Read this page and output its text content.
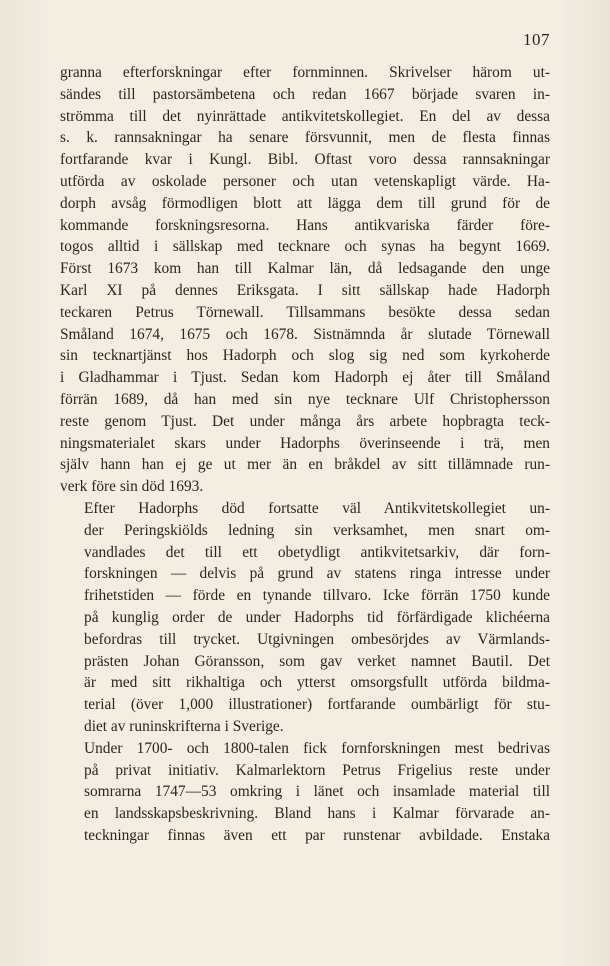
107

granna efterforskningar efter fornminnen. Skrivelser härom ut-
sändes till pastorsämbetena och redan 1667 började svaren in-
strömma till det nyinrättade antikvitetskollegiet. En del av dessa
s. k. rannsakningar ha senare försvunnit, men de flesta finnas
fortfarande kvar i Kungl. Bibl. Oftast voro dessa rannsakningar
utförda av oskolade personer och utan vetenskapligt värde. Ha-
dorph avsåg förmodligen blott att lägga dem till grund för de
kommande forskningsresorna. Hans antikvariska färder före-
togos alltid i sällskap med tecknare och synas ha begynt 1669.
Först 1673 kom han till Kalmar län, då ledsagande den unge
Karl XI på dennes Eriksgata. I sitt sällskap hade Hadorph
teckaren Petrus Törnewall. Tillsammans besökte dessa sedan
Småland 1674, 1675 och 1678. Sistnämnda år slutade Törnewall
sin tecknartjänst hos Hadorph och slog sig ned som kyrkoherde
i Gladhammar i Tjust. Sedan kom Hadorph ej åter till Småland
förrän 1689, då han med sin nye tecknare Ulf Christophersson
reste genom Tjust. Det under många års arbete hopbragta teck-
ningsmaterialet skars under Hadorphs överinseende i trä, men
själv hann han ej ge ut mer än en bråkdel av sitt tillämnade run-
verk före sin död 1693.

Efter Hadorphs död fortsatte väl Antikvitetskollegiet un-
der Peringskiölds ledning sin verksamhet, men snart om-
vandlades det till ett obetydligt antikvitetsarkiv, där forn-
forskningen — delvis på grund av statens ringa intresse under
frihetstiden — förde en tynande tillvaro. Icke förrän 1750 kunde
på kunglig order de under Hadorphs tid förfärdigade klichéerna
befordras till trycket. Utgivningen ombesörjdes av Värmlands-
prästen Johan Göransson, som gav verket namnet Bautil. Det
är med sitt rikhaltiga och ytterst omsorgsfullt utförda bildma-
terial (över 1,000 illustrationer) fortfarande oumbärligt för stu-
diet av runinskrifterna i Sverige.

Under 1700- och 1800-talen fick fornforskningen mest bedrivas
på privat initiativ. Kalmarlektorn Petrus Frigelius reste under
somrarna 1747—53 omkring i länet och insamlade material till
en landsskapsbeskrivning. Bland hans i Kalmar förvarade an-
teckningar finnas även ett par runstenar avbildade. Enstaka
